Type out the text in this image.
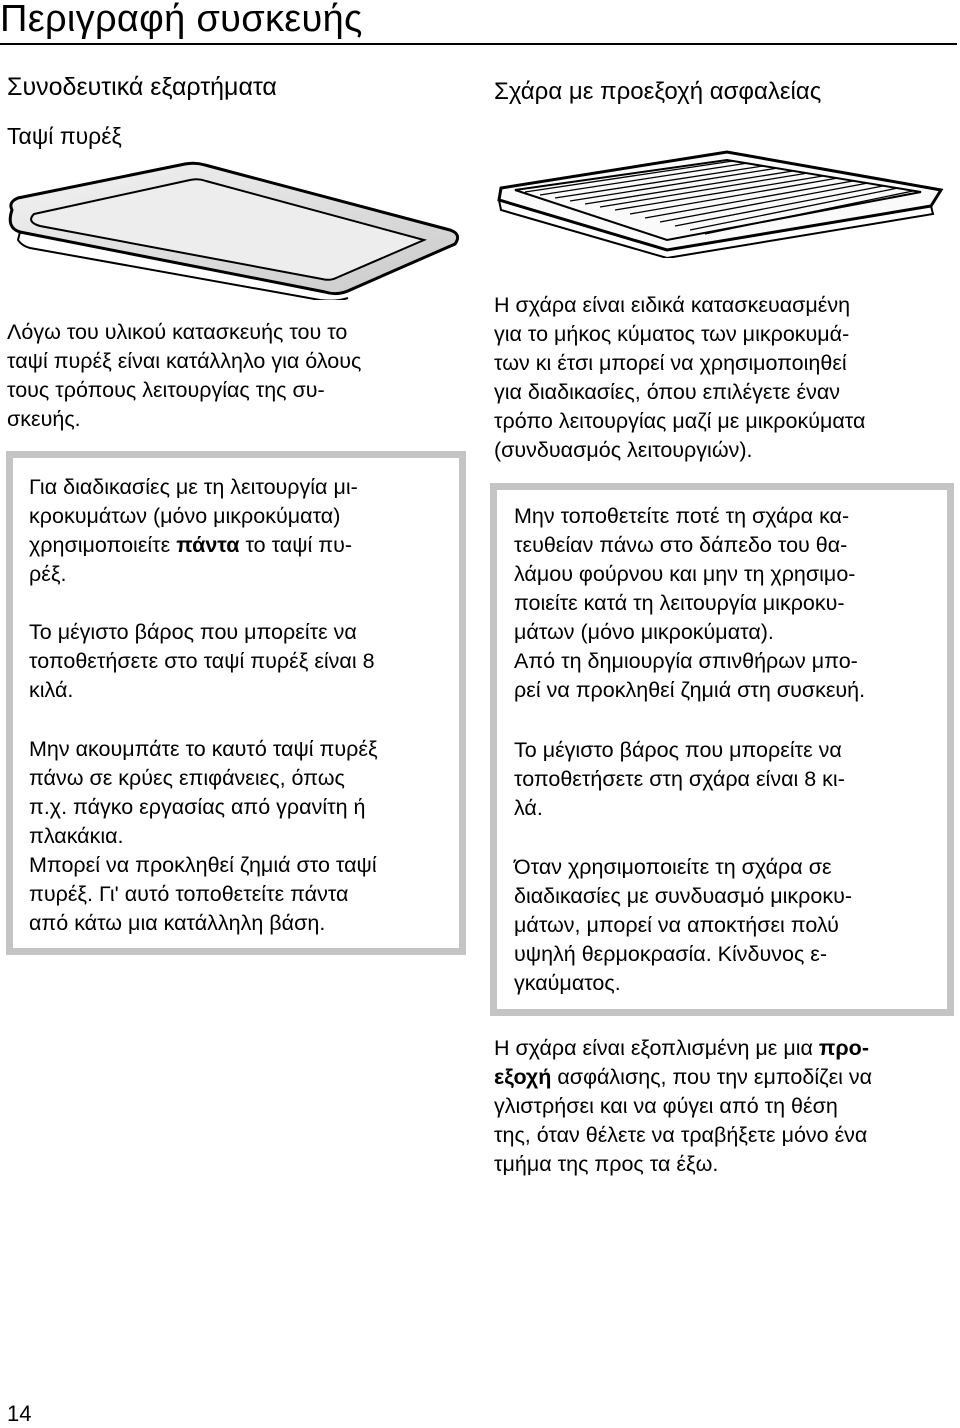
Περιγραφή συσκευής
Συνοδευτικά εξαρτήματα
Ταψί πυρέξ
Λόγω του υλικού κατασκευής του το
ταψί πυρέξ είναι κατάλληλο για όλους
τους τρόπους λειτουργίας της συ-
σκευής.
Για διαδικασίες με τη λειτουργία μι-
κροκυμάτων (μόνο μικροκύματα)
χρησιμοποιείτε πάντα το ταψί πυ-
ρέξ.
Το μέγιστο βάρος που μπορείτε να
τοποθετήσετε στο ταψί πυρέξ είναι 8
κιλά.
Μην ακουμπάτε το καυτό ταψί πυρέξ
πάνω σε κρύες επιφάνειες, όπως
π.χ. πάγκο εργασίας από γρανίτη ή
πλακάκια.
Μπορεί να προκληθεί ζημιά στο ταψί
πυρέξ. Γι' αυτό τοποθετείτε πάντα
από κάτω μια κατάλληλη βάση.
Σχάρα με προεξοχή ασφαλείας
Η σχάρα είναι ειδικά κατασκευασμένη
για το μήκος κύματος των μικροκυμά-
των κι έτσι μπορεί να χρησιμοποιηθεί
για διαδικασίες, όπου επιλέγετε έναν
τρόπο λειτουργίας μαζί με μικροκύματα
(συνδυασμός λειτουργιών).
Μην τοποθετείτε ποτέ τη σχάρα κα-
τευθείαν πάνω στο δάπεδο του θα-
λάμου φούρνου και μην τη χρησιμο-
ποιείτε κατά τη λειτουργία μικροκυ-
μάτων (μόνο μικροκύματα).
Από τη δημιουργία σπινθήρων μπο-
ρεί να προκληθεί ζημιά στη συσκευή.
Το μέγιστο βάρος που μπορείτε να
τοποθετήσετε στη σχάρα είναι 8 κι-
λά.
Όταν χρησιμοποιείτε τη σχάρα σε
διαδικασίες με συνδυασμό μικροκυ-
μάτων, μπορεί να αποκτήσει πολύ
υψηλή θερμοκρασία. Κίνδυνος ε-
γκαύματος.
Η σχάρα είναι εξοπλισμένη με μια προ-
εξοχή ασφάλισης, που την εμποδίζει να
γλιστρήσει και να φύγει από τη θέση
της, όταν θέλετε να τραβήξετε μόνο ένα
τμήμα της προς τα έξω.
14
